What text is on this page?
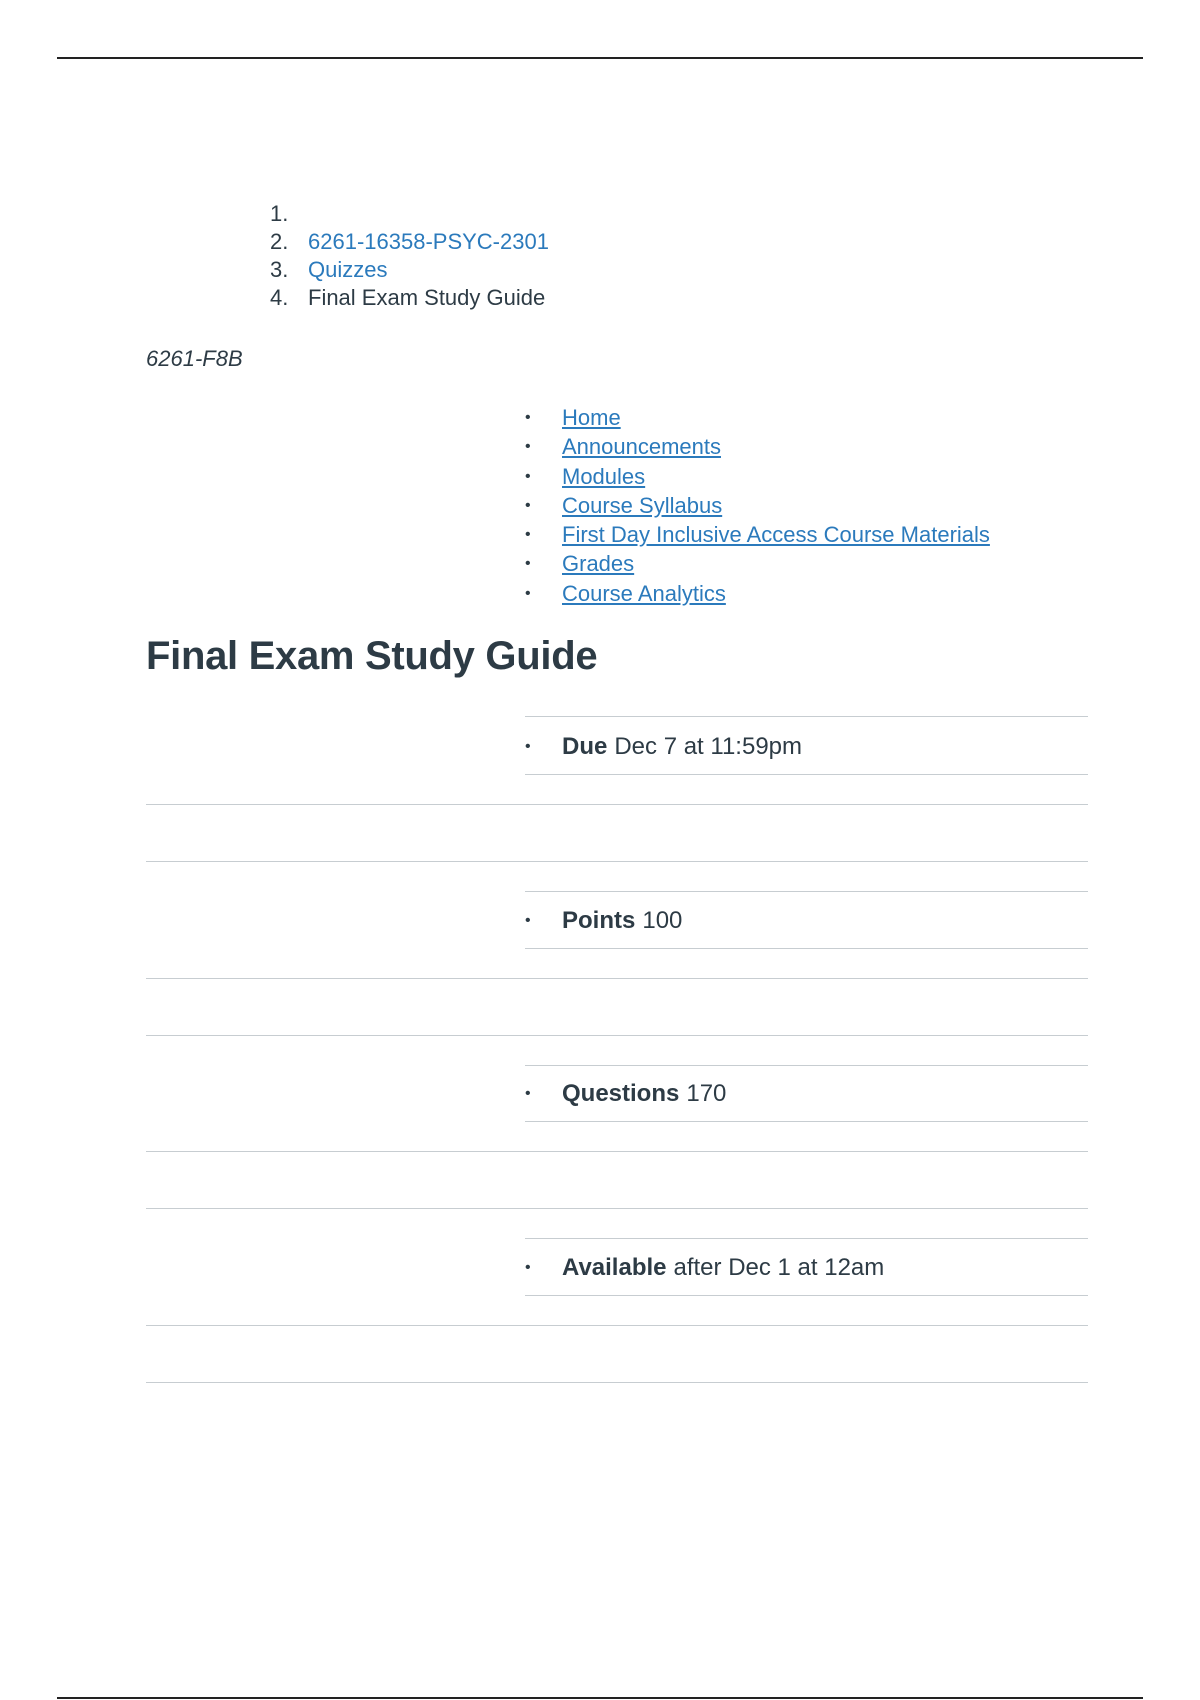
1.
2. 6261-16358-PSYC-2301
3. Quizzes
4. Final Exam Study Guide
6261-F8B
•	Home
•	Announcements
•	Modules
•	Course Syllabus
•	First Day Inclusive Access Course Materials
•	Grades
•	Course Analytics
Final Exam Study Guide
•	Due Dec 7 at 11:59pm
•	Points 100
•	Questions 170
•	Available after Dec 1 at 12am
